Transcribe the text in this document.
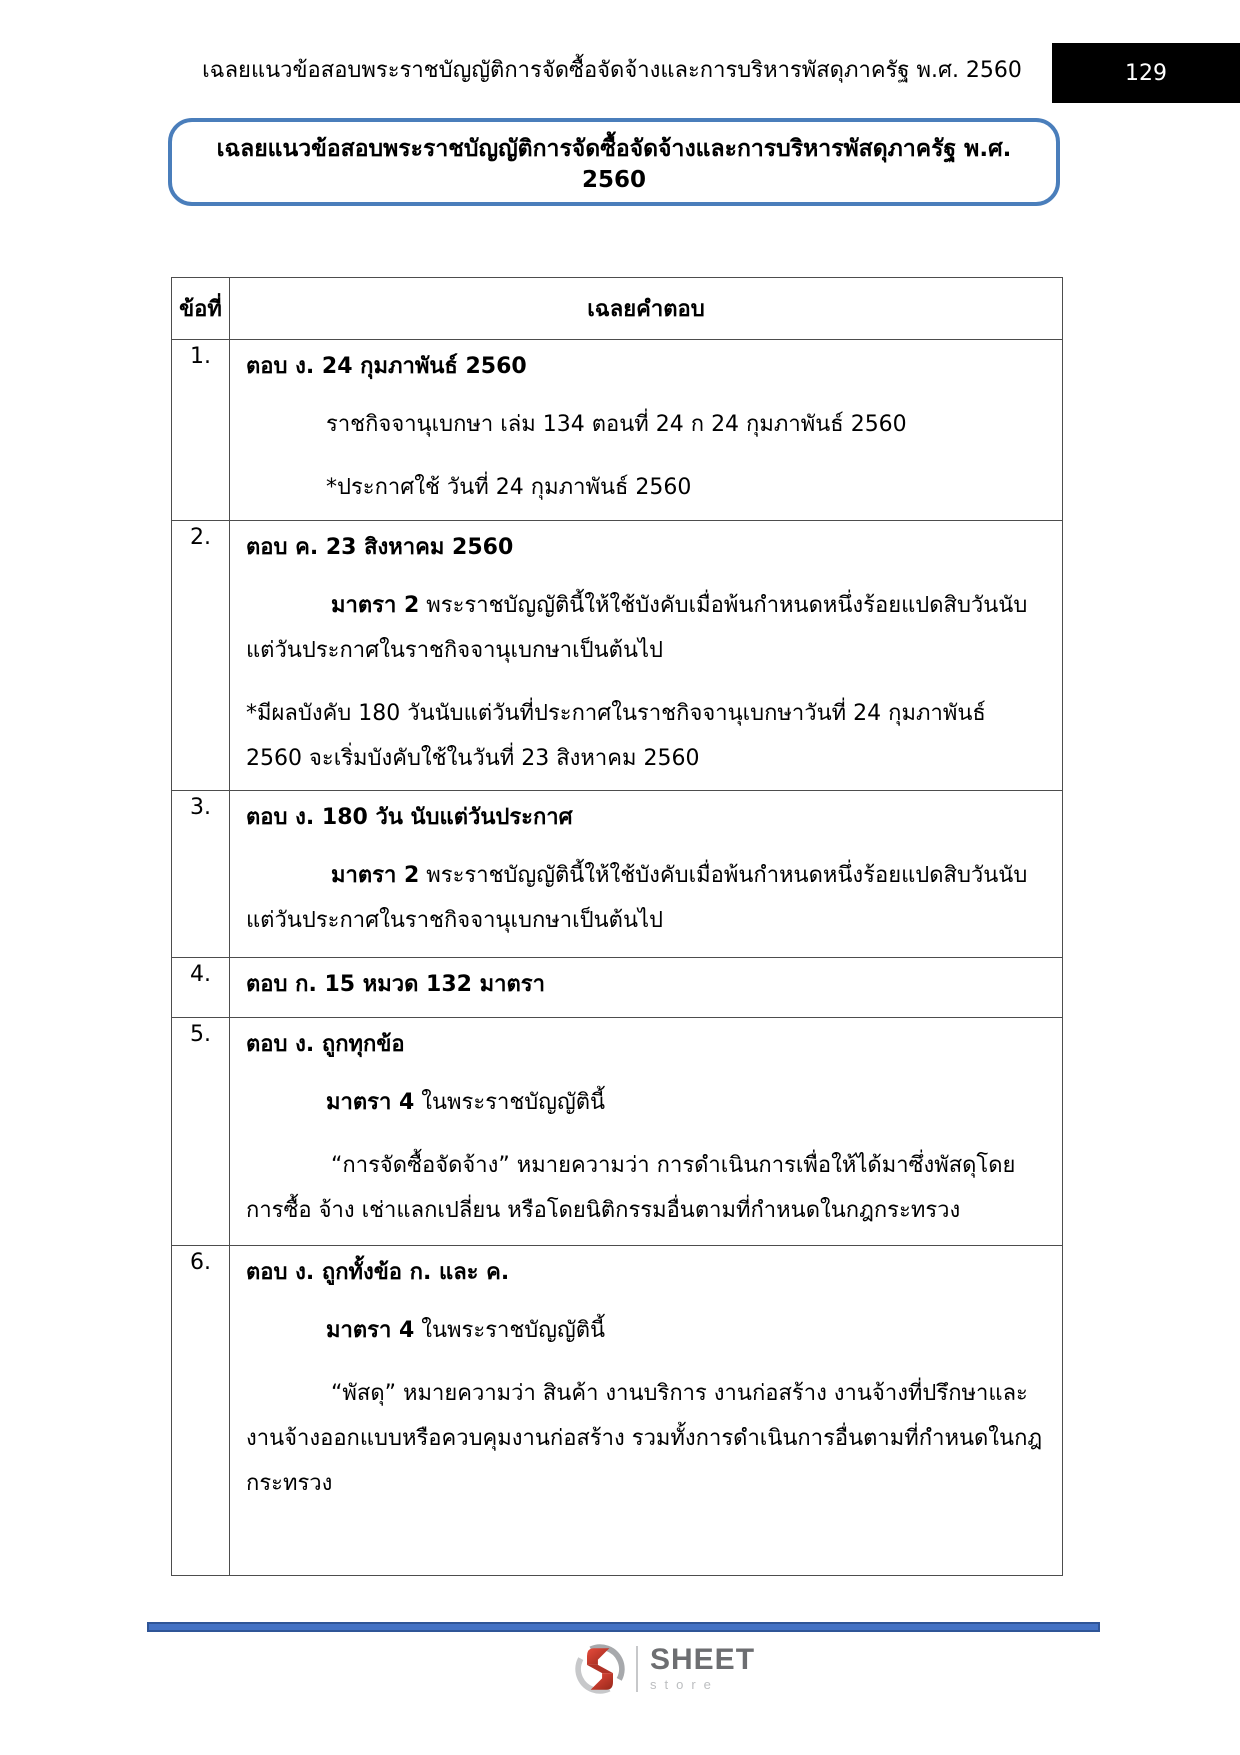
เฉลยแนวข้อสอบพระราชบัญญัติการจัดซื้อจัดจ้างและการบริหารพัสดุภาครัฐ พ.ศ. 2560	129
เฉลยแนวข้อสอบพระราชบัญญัติการจัดซื้อจัดจ้างและการบริหารพัสดุภาครัฐ พ.ศ. 2560
ข้อที่	เฉลยคำตอบ
1.	ตอบ ง. 24 กุมภาพันธ์ 2560
ราชกิจจานุเบกษา เล่ม 134 ตอนที่ 24 ก 24 กุมภาพันธ์ 2560
*ประกาศใช้ วันที่ 24 กุมภาพันธ์ 2560

2.	ตอบ ค. 23 สิงหาคม 2560
มาตรา 2 พระราชบัญญัตินี้ให้ใช้บังคับเมื่อพ้นกำหนดหนึ่งร้อยแปดสิบวันนับแต่วันประกาศในราชกิจจานุเบกษาเป็นต้นไป
*มีผลบังคับ 180 วันนับแต่วันที่ประกาศในราชกิจจานุเบกษาวันที่ 24 กุมภาพันธ์ 2560 จะเริ่มบังคับใช้ในวันที่ 23 สิงหาคม 2560

3.	ตอบ ง. 180 วัน นับแต่วันประกาศ
มาตรา 2 พระราชบัญญัตินี้ให้ใช้บังคับเมื่อพ้นกำหนดหนึ่งร้อยแปดสิบวันนับแต่วันประกาศในราชกิจจานุเบกษาเป็นต้นไป

4.	ตอบ ก. 15 หมวด 132 มาตรา

5.	ตอบ ง. ถูกทุกข้อ
มาตรา 4 ในพระราชบัญญัตินี้
“การจัดซื้อจัดจ้าง” หมายความว่า การดำเนินการเพื่อให้ได้มาซึ่งพัสดุโดยการซื้อ จ้าง เช่าแลกเปลี่ยน หรือโดยนิติกรรมอื่นตามที่กำหนดในกฎกระทรวง

6.	ตอบ ง. ถูกทั้งข้อ ก. และ ค.
มาตรา 4 ในพระราชบัญญัตินี้
“พัสดุ” หมายความว่า สินค้า งานบริการ งานก่อสร้าง งานจ้างที่ปรึกษาและงานจ้างออกแบบหรือควบคุมงานก่อสร้าง รวมทั้งการดำเนินการอื่นตามที่กำหนดในกฎกระทรวง
SHEET
store
